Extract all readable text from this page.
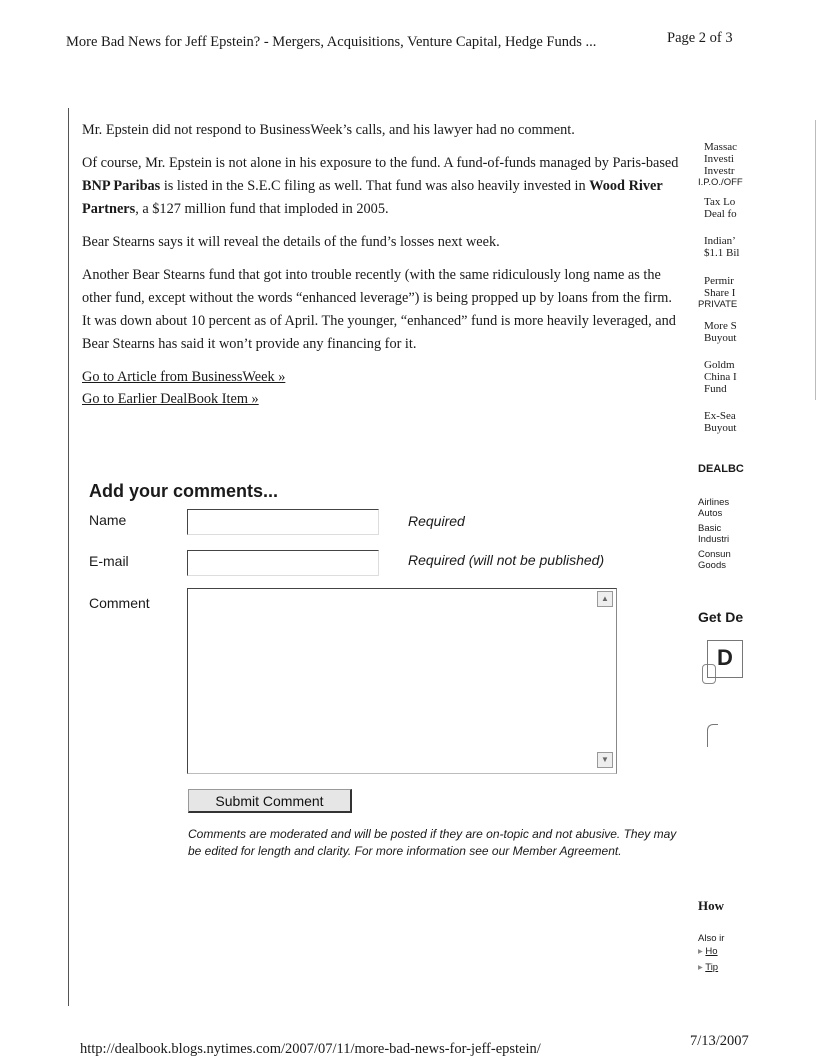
More Bad News for Jeff Epstein? - Mergers, Acquisitions, Venture Capital, Hedge Funds ...	Page 2 of 3

Mr. Epstein did not respond to BusinessWeek’s calls, and his lawyer had no comment.

Of course, Mr. Epstein is not alone in his exposure to the fund. A fund-of-funds managed by Paris-based BNP Paribas is listed in the S.E.C filing as well. That fund was also heavily invested in Wood River Partners, a $127 million fund that imploded in 2005.

Bear Stearns says it will reveal the details of the fund’s losses next week.

Another Bear Stearns fund that got into trouble recently (with the same ridiculously long name as the other fund, except without the words “enhanced leverage”) is being propped up by loans from the firm. It was down about 10 percent as of April. The younger, “enhanced” fund is more heavily leveraged, and Bear Stearns has said it won’t provide any financing for it.

Go to Article from BusinessWeek »
Go to Earlier DealBook Item »
Massac
Investi
Investr
I.P.O./OFF
Tax Lo
Deal fo
Indian’
$1.1 Bil
Permir
Share I
PRIVATE
More S
Buyout
Goldm
China I
Fund
Ex-Sea
Buyout
DEALBC
Airlines
Autos
Basic
Industri
Consun
Goods
Get De
D
How
Also ir
▸ Ho
▸ Tip
Add your comments...
Name	Required
E-mail	Required (will not be published)
Comment	▲
▼
Submit Comment
Comments are moderated and will be posted if they are on-topic and not abusive. They may be edited for length and clarity. For more information see our Member Agreement.
http://dealbook.blogs.nytimes.com/2007/07/11/more-bad-news-for-jeff-epstein/	7/13/2007
